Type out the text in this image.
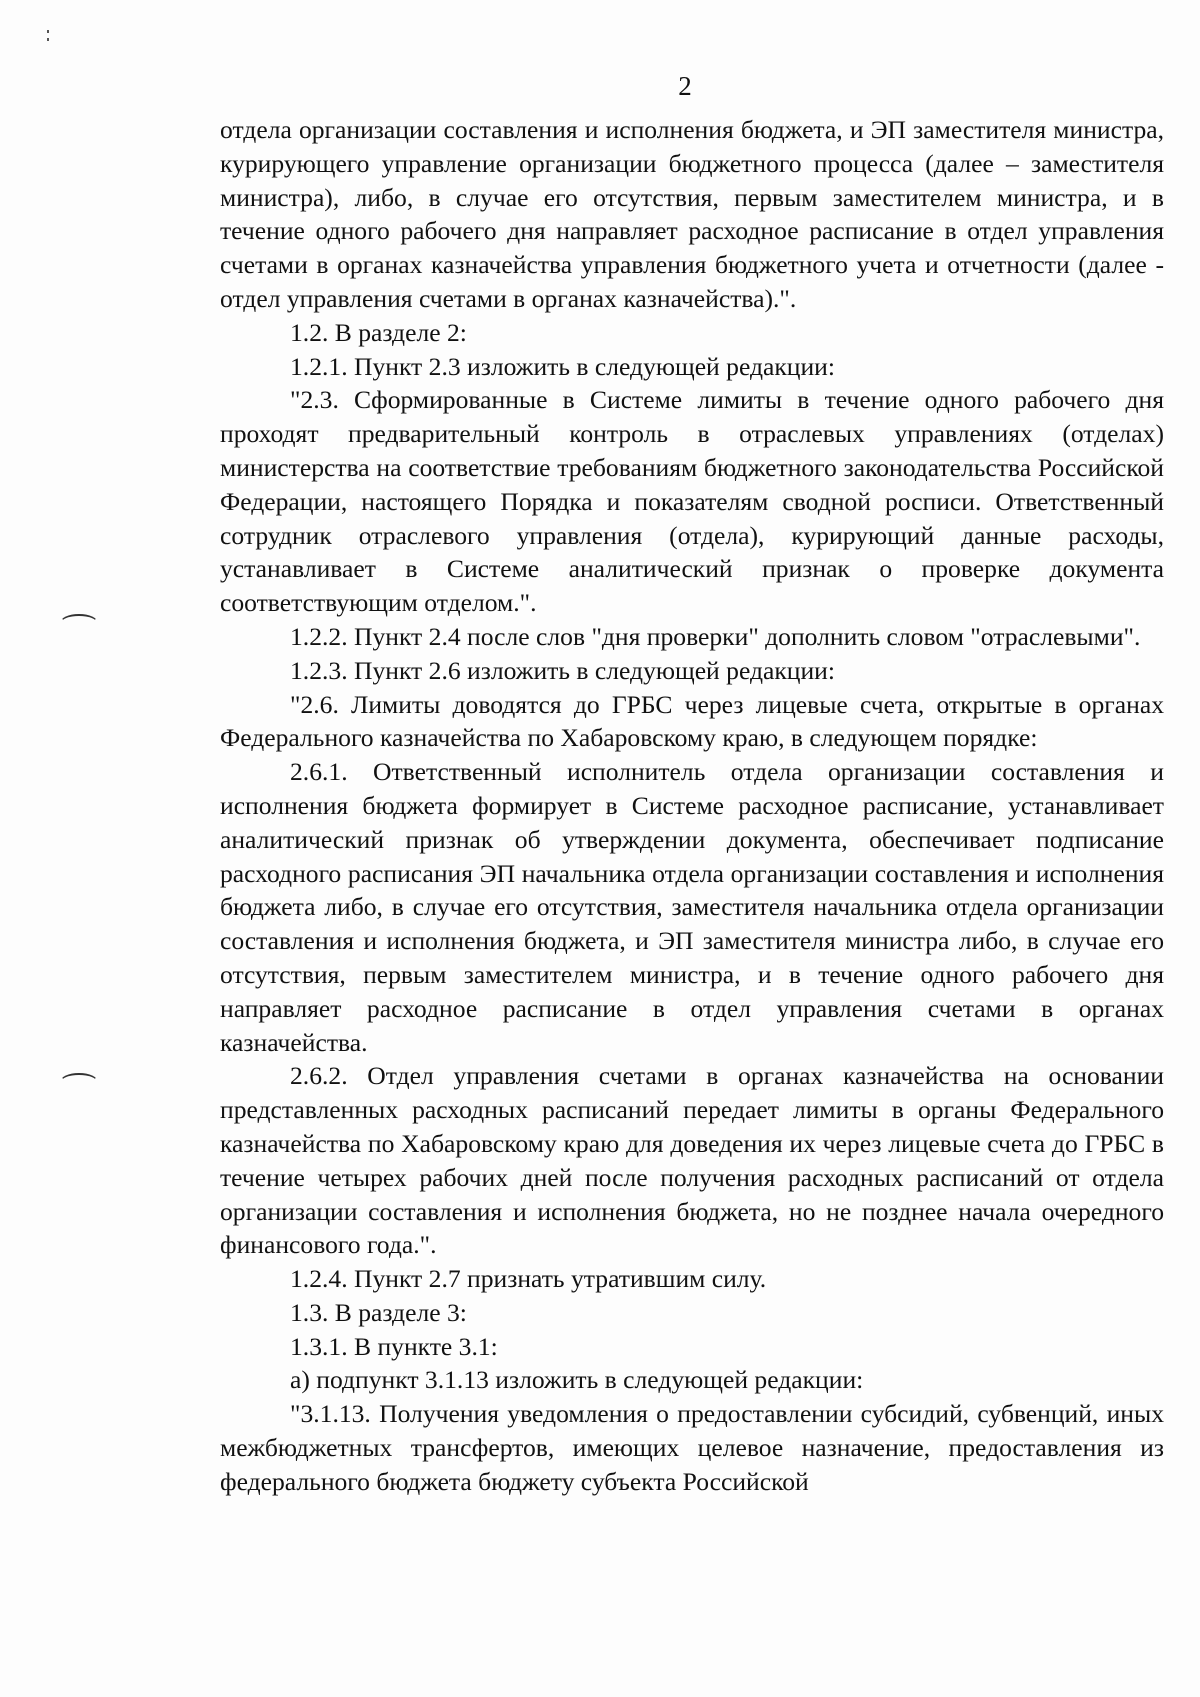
2

отдела организации составления и исполнения бюджета, и ЭП заместителя министра, курирующего управление организации бюджетного процесса (далее – заместителя министра), либо, в случае его отсутствия, первым заместителем министра, и в течение одного рабочего дня направляет расходное расписание в отдел управления счетами в органах казначейства управления бюджетного учета и отчетности (далее - отдел управления счетами в органах казначейства).".

1.2. В разделе 2:

1.2.1. Пункт 2.3 изложить в следующей редакции:

"2.3. Сформированные в Системе лимиты в течение одного рабочего дня проходят предварительный контроль в отраслевых управлениях (отделах) министерства на соответствие требованиям бюджетного законодательства Российской Федерации, настоящего Порядка и показателям сводной росписи. Ответственный сотрудник отраслевого управления (отдела), курирующий данные расходы, устанавливает в Системе аналитический признак о проверке документа соответствующим отделом.".

1.2.2. Пункт 2.4 после слов "дня проверки" дополнить словом "отраслевыми".

1.2.3. Пункт 2.6 изложить в следующей редакции:

"2.6. Лимиты доводятся до ГРБС через лицевые счета, открытые в органах Федерального казначейства по Хабаровскому краю, в следующем порядке:

2.6.1. Ответственный исполнитель отдела организации составления и исполнения бюджета формирует в Системе расходное расписание, устанавливает аналитический признак об утверждении документа, обеспечивает подписание расходного расписания ЭП начальника отдела организации составления и исполнения бюджета либо, в случае его отсутствия, заместителя начальника отдела организации составления и исполнения бюджета, и ЭП заместителя министра либо, в случае его отсутствия, первым заместителем министра, и в течение одного рабочего дня направляет расходное расписание в отдел управления счетами в органах казначейства.

2.6.2. Отдел управления счетами в органах казначейства на основании представленных расходных расписаний передает лимиты в органы Федерального казначейства по Хабаровскому краю для доведения их через лицевые счета до ГРБС в течение четырех рабочих дней после получения расходных расписаний от отдела организации составления и исполнения бюджета, но не позднее начала очередного финансового года.".

1.2.4. Пункт 2.7 признать утратившим силу.

1.3. В разделе 3:

1.3.1. В пункте 3.1:

а) подпункт 3.1.13 изложить в следующей редакции:

"3.1.13. Получения уведомления о предоставлении субсидий, субвенций, иных межбюджетных трансфертов, имеющих целевое назначение, предоставления из федерального бюджета бюджету субъекта Российской
